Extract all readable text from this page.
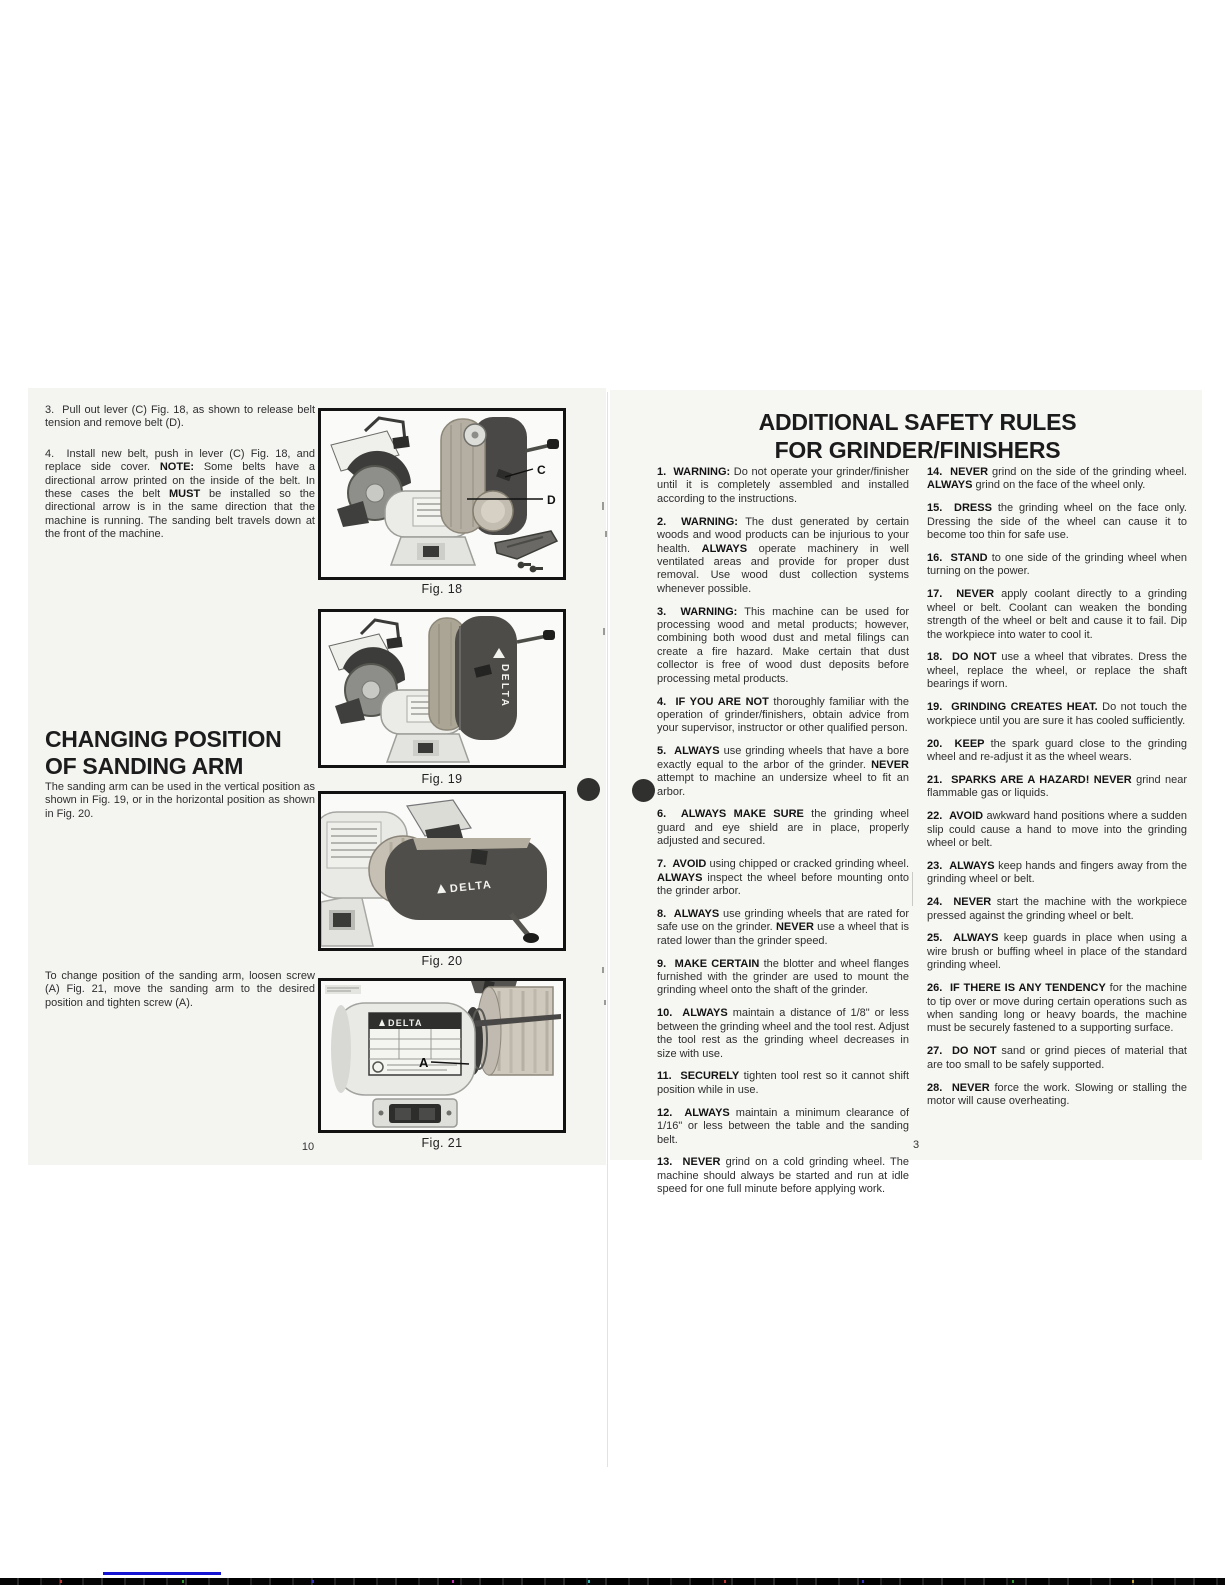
3.  Pull out lever (C) Fig. 18, as shown to release belt tension and remove belt (D).

4.  Install new belt, push in lever (C) Fig. 18, and replace side cover. NOTE: Some belts have a directional arrow printed on the inside of the belt. In these cases the belt MUST be installed so the directional arrow is in the same direction that the machine is running. The sanding belt travels down at the front of the machine.

CHANGING POSITION
OF SANDING ARM

The sanding arm can be used in the vertical position as shown in Fig. 19, or in the horizontal position as shown in Fig. 20.

To change position of the sanding arm, loosen screw (A) Fig. 21, move the sanding arm to the desired position and tighten screw (A).

C
D
Fig. 18
DELTA
Fig. 19
DELTA
Fig. 20
DELTA
A
Fig. 21
10
ADDITIONAL SAFETY RULES
FOR GRINDER/FINISHERS

1.  WARNING: Do not operate your grinder/finisher until it is completely assembled and installed according to the instructions.

2.  WARNING: The dust generated by certain woods and wood products can be injurious to your health. ALWAYS operate machinery in well ventilated areas and provide for proper dust removal. Use wood dust collection systems whenever possible.

3.  WARNING: This machine can be used for processing wood and metal products; however, combining both wood dust and metal filings can create a fire hazard. Make certain that dust collector is free of wood dust deposits before processing metal products.

4.  IF YOU ARE NOT thoroughly familiar with the operation of grinder/finishers, obtain advice from your supervisor, instructor or other qualified person.

5.  ALWAYS use grinding wheels that have a bore exactly equal to the arbor of the grinder. NEVER attempt to machine an undersize wheel to fit an arbor.

6.  ALWAYS MAKE SURE the grinding wheel guard and eye shield are in place, properly adjusted and secured.

7.  AVOID using chipped or cracked grinding wheel. ALWAYS inspect the wheel before mounting onto the grinder arbor.

8.  ALWAYS use grinding wheels that are rated for safe use on the grinder. NEVER use a wheel that is rated lower than the grinder speed.

9.  MAKE CERTAIN the blotter and wheel flanges furnished with the grinder are used to mount the grinding wheel onto the shaft of the grinder.

10.  ALWAYS maintain a distance of 1/8" or less between the grinding wheel and the tool rest. Adjust the tool rest as the grinding wheel decreases in size with use.

11.  SECURELY tighten tool rest so it cannot shift position while in use.

12.  ALWAYS maintain a minimum clearance of 1/16" or less between the table and the sanding belt.

13.  NEVER grind on a cold grinding wheel. The machine should always be started and run at idle speed for one full minute before applying work.

14.  NEVER grind on the side of the grinding wheel. ALWAYS grind on the face of the wheel only.

15.  DRESS the grinding wheel on the face only. Dressing the side of the wheel can cause it to become too thin for safe use.

16.  STAND to one side of the grinding wheel when turning on the power.

17.  NEVER apply coolant directly to a grinding wheel or belt. Coolant can weaken the bonding strength of the wheel or belt and cause it to fail. Dip the workpiece into water to cool it.

18.  DO NOT use a wheel that vibrates. Dress the wheel, replace the wheel, or replace the shaft bearings if worn.

19.  GRINDING CREATES HEAT. Do not touch the workpiece until you are sure it has cooled sufficiently.

20.  KEEP the spark guard close to the grinding wheel and re-adjust it as the wheel wears.

21.  SPARKS ARE A HAZARD! NEVER grind near flammable gas or liquids.

22.  AVOID awkward hand positions where a sudden slip could cause a hand to move into the grinding wheel or belt.

23.  ALWAYS keep hands and fingers away from the grinding wheel or belt.

24.  NEVER start the machine with the workpiece pressed against the grinding wheel or belt.

25.  ALWAYS keep guards in place when using a wire brush or buffing wheel in place of the standard grinding wheel.

26.  IF THERE IS ANY TENDENCY for the machine to tip over or move during certain operations such as when sanding long or heavy boards, the machine must be securely fastened to a supporting surface.

27.  DO NOT sand or grind pieces of material that are too small to be safely supported.

28.  NEVER force the work. Slowing or stalling the motor will cause overheating.

3
